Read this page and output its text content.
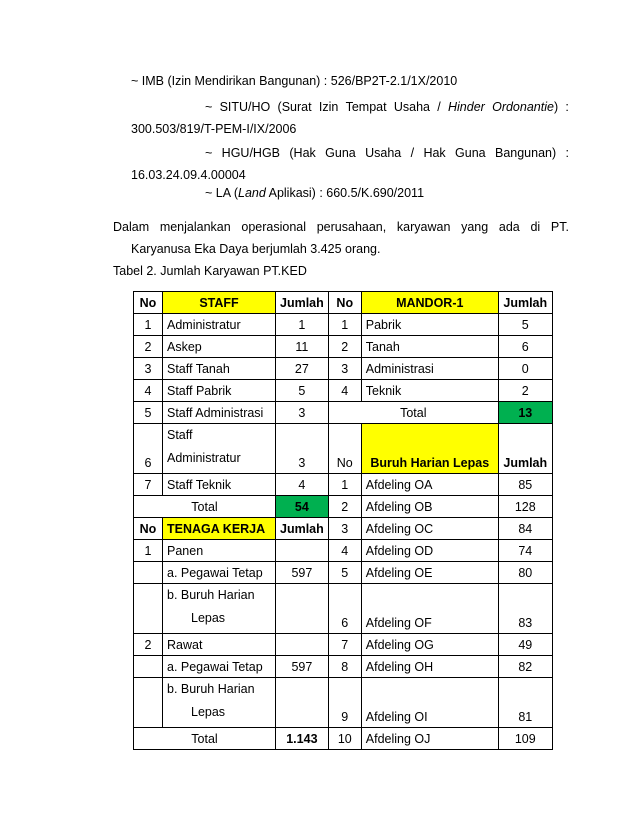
~ IMB (Izin Mendirikan Bangunan) : 526/BP2T-2.1/1X/2010
~ SITU/HO (Surat Izin Tempat Usaha / Hinder Ordonantie) :
300.503/819/T-PEM-I/IX/2006
~ HGU/HGB (Hak Guna Usaha / Hak Guna Bangunan) :
16.03.24.09.4.00004
~ LA (Land Aplikasi) : 660.5/K.690/2011
Dalam menjalankan operasional perusahaan, karyawan yang ada di PT.
Karyanusa Eka Daya berjumlah 3.425 orang.
Tabel 2. Jumlah Karyawan PT.KED
No	STAFF	Jumlah	No	MANDOR-1	Jumlah
1	Administratur	1	1	Pabrik	5
2	Askep	11	2	Tanah	6
3	Staff Tanah	27	3	Administrasi	0
4	Staff Pabrik	5	4	Teknik	2
5	Staff Administrasi	3	Total		13
6	Staff
Administratur	3	No	Buruh Harian Lepas	Jumlah
7	Staff Teknik	4	1	Afdeling OA	85
Total		54	2	Afdeling OB	128
No	TENAGA KERJA	Jumlah	3	Afdeling OC	84
1	Panen		4	Afdeling OD	74
	a. Pegawai Tetap	597	5	Afdeling OE	80
	b. Buruh Harian
Lepas		6	Afdeling OF	83
2	Rawat		7	Afdeling OG	49
	a. Pegawai Tetap	597	8	Afdeling OH	82
	b. Buruh Harian
Lepas		9	Afdeling OI	81
Total		1.143	10	Afdeling OJ	109
